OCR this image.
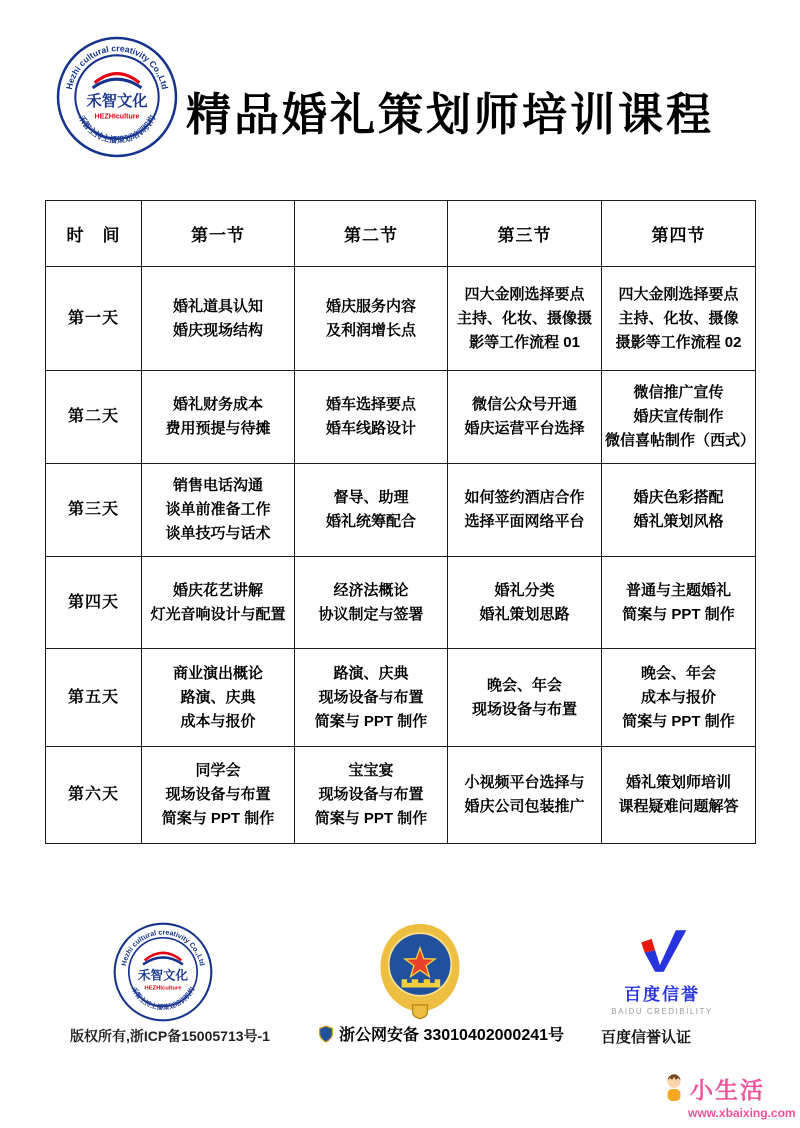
精品婚礼策划师培训课程
时　间	第一节	第二节	第三节	第四节
第一天	婚礼道具认知
婚庆现场结构	婚庆服务内容
及利润增长点	四大金刚选择要点
主持、化妆、摄像摄
影等工作流程 01	四大金刚选择要点
主持、化妆、摄像
摄影等工作流程 02
第二天	婚礼财务成本
费用预提与待摊	婚车选择要点
婚车线路设计	微信公众号开通
婚庆运营平台选择	微信推广宣传
婚庆宣传制作
微信喜帖制作（西式）
第三天	销售电话沟通
谈单前准备工作
谈单技巧与话术	督导、助理
婚礼统筹配合	如何签约酒店合作
选择平面网络平台	婚庆色彩搭配
婚礼策划风格
第四天	婚庆花艺讲解
灯光音响设计与配置	经济法概论
协议制定与签署	婚礼分类
婚礼策划思路	普通与主题婚礼
简案与 PPT 制作
第五天	商业演出概论
路演、庆典
成本与报价	路演、庆典
现场设备与布置
简案与 PPT 制作	晚会、年会
现场设备与布置	晚会、年会
成本与报价
简案与 PPT 制作
第六天	同学会
现场设备与布置
简案与 PPT 制作	宝宝宴
现场设备与布置
简案与 PPT 制作	小视频平台选择与
婚庆公司包装推广	婚礼策划师培训
课程疑难问题解答
百度信誉
BAIDU CREDIBILITY
版权所有,浙ICP备15005713号-1	浙公网安备 33010402000241号 百度信誉认证
小生活
www.xbaixing.com
